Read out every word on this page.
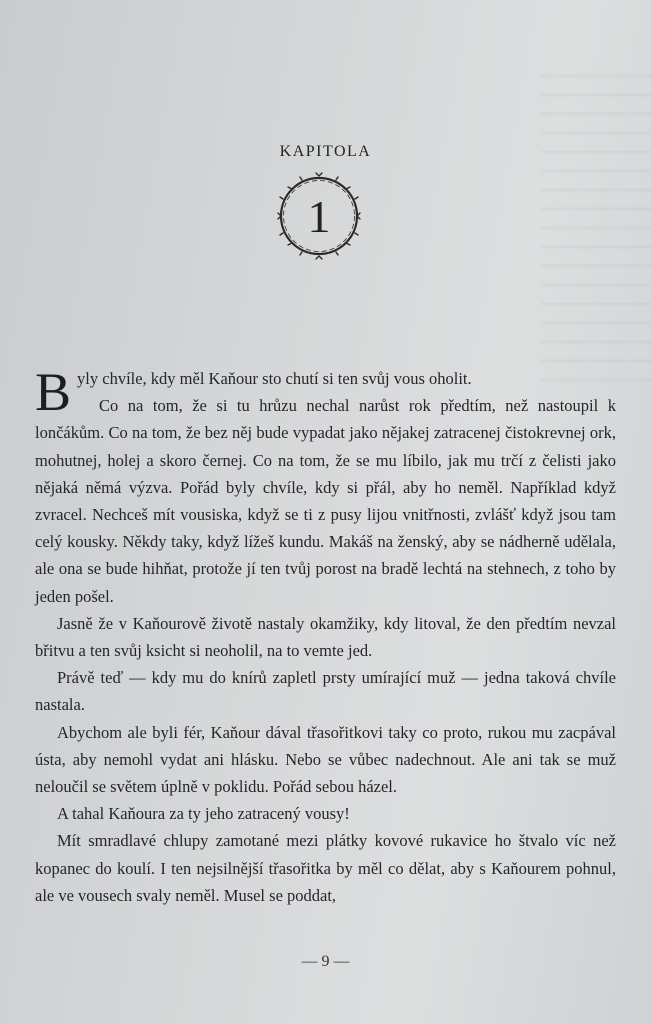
KAPITOLA
1

Byly chvíle, kdy měl Kaňour sto chutí si ten svůj vous oholit.

Co na tom, že si tu hrůzu nechal narůst rok předtím, než nastoupil k lončákům. Co na tom, že bez něj bude vypadat jako nějakej zatracenej čistokrevnej ork, mohutnej, holej a skoro černej. Co na tom, že se mu líbilo, jak mu trčí z čelisti jako nějaká němá výzva. Pořád byly chvíle, kdy si přál, aby ho neměl. Například když zvracel. Nechceš mít vousiska, když se ti z pusy lijou vnitřnosti, zvlášť když jsou tam celý kousky. Někdy taky, když lížeš kundu. Makáš na ženský, aby se nádherně udělala, ale ona se bude hihňat, protože jí ten tvůj porost na bradě lechtá na stehnech, z toho by jeden pošel.

Jasně že v Kaňourově životě nastaly okamžiky, kdy litoval, že den předtím nevzal břitvu a ten svůj ksicht si neoholil, na to vemte jed.

Právě teď — kdy mu do knírů zapletl prsty umírající muž — jedna taková chvíle nastala.

Abychom ale byli fér, Kaňour dával třasořitkovi taky co proto, rukou mu zacpával ústa, aby nemohl vydat ani hlásku. Nebo se vůbec nadechnout. Ale ani tak se muž neloučil se světem úplně v poklidu. Pořád sebou házel.

A tahal Kaňoura za ty jeho zatracený vousy!

Mít smradlavé chlupy zamotané mezi plátky kovové rukavice ho štvalo víc než kopanec do koulí. I ten nejsilnější třasořitka by měl co dělat, aby s Kaňourem pohnul, ale ve vousech svaly neměl. Musel se poddat,

— 9 —
